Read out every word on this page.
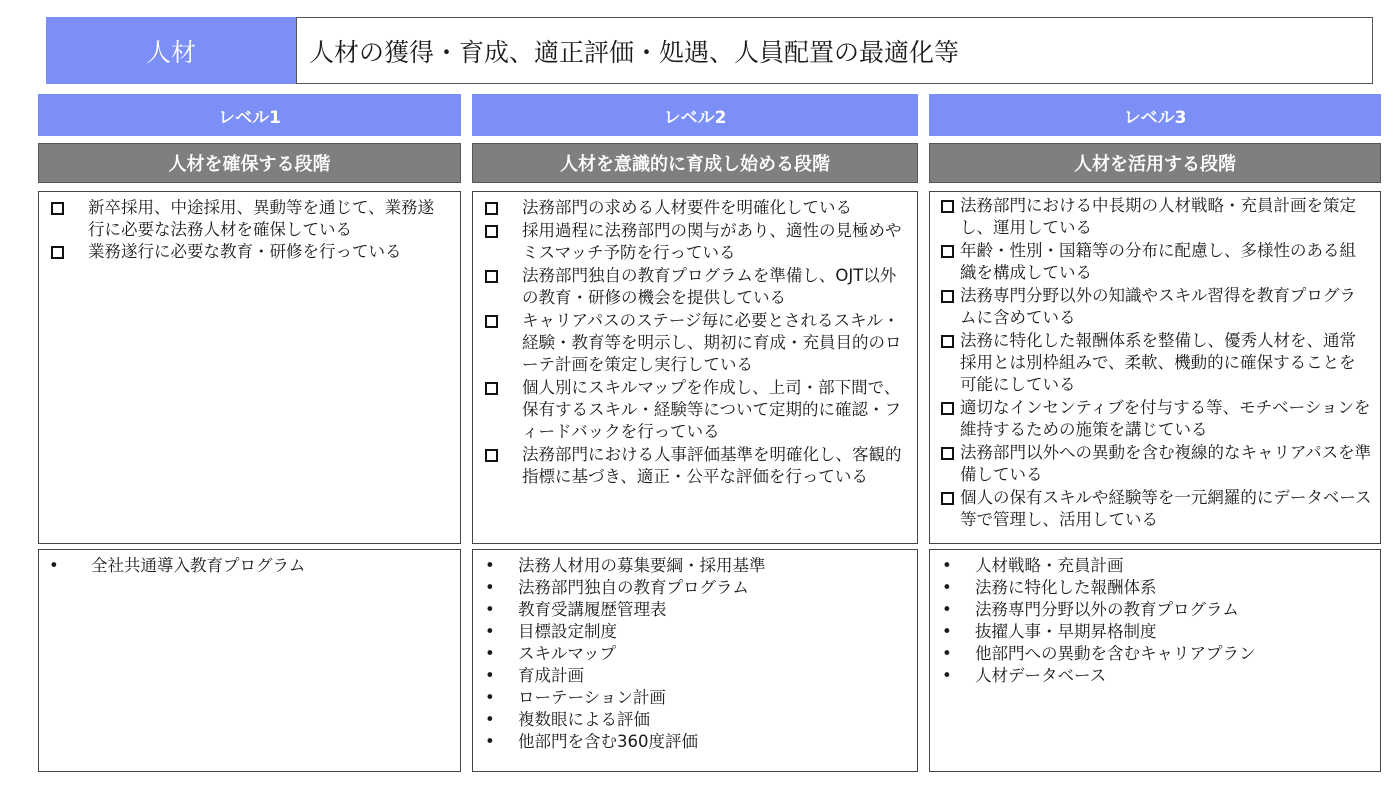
人材	人材の獲得・育成、適正評価・処遇、人員配置の最適化等
レベル1	レベル2	レベル3
人材を確保する段階	人材を意識的に育成し始める段階	人材を活用する段階
新卒採用、中途採用、異動等を通じて、業務遂行に必要な法務人材を確保している
業務遂行に必要な教育・研修を行っている
法務部門の求める人材要件を明確化している
採用過程に法務部門の関与があり、適性の見極めやミスマッチ予防を行っている
法務部門独自の教育プログラムを準備し、OJT以外の教育・研修の機会を提供している
キャリアパスのステージ毎に必要とされるスキル・経験・教育等を明示し、期初に育成・充員目的のローテ計画を策定し実行している
個人別にスキルマップを作成し、上司・部下間で、保有するスキル・経験等について定期的に確認・フィードバックを行っている
法務部門における人事評価基準を明確化し、客観的指標に基づき、適正・公平な評価を行っている
法務部門における中長期の人材戦略・充員計画を策定し、運用している
年齢・性別・国籍等の分布に配慮し、多様性のある組織を構成している
法務専門分野以外の知識やスキル習得を教育プログラムに含めている
法務に特化した報酬体系を整備し、優秀人材を、通常採用とは別枠組みで、柔軟、機動的に確保することを可能にしている
適切なインセンティブを付与する等、モチベーションを維持するための施策を講じている
法務部門以外への異動を含む複線的なキャリアパスを準備している
個人の保有スキルや経験等を一元網羅的にデータベース等で管理し、活用している
• 全社共通導入教育プログラム
•	法務人材用の募集要綱・採用基準
• 法務部門独自の教育プログラム
• 教育受講履歴管理表
• 目標設定制度
• スキルマップ
• 育成計画
• ローテーション計画
• 複数眼による評価
• 他部門を含む360度評価
• 人材戦略・充員計画
• 法務に特化した報酬体系
• 法務専門分野以外の教育プログラム
• 抜擢人事・早期昇格制度
• 他部門への異動を含むキャリアプラン
• 人材データベース
